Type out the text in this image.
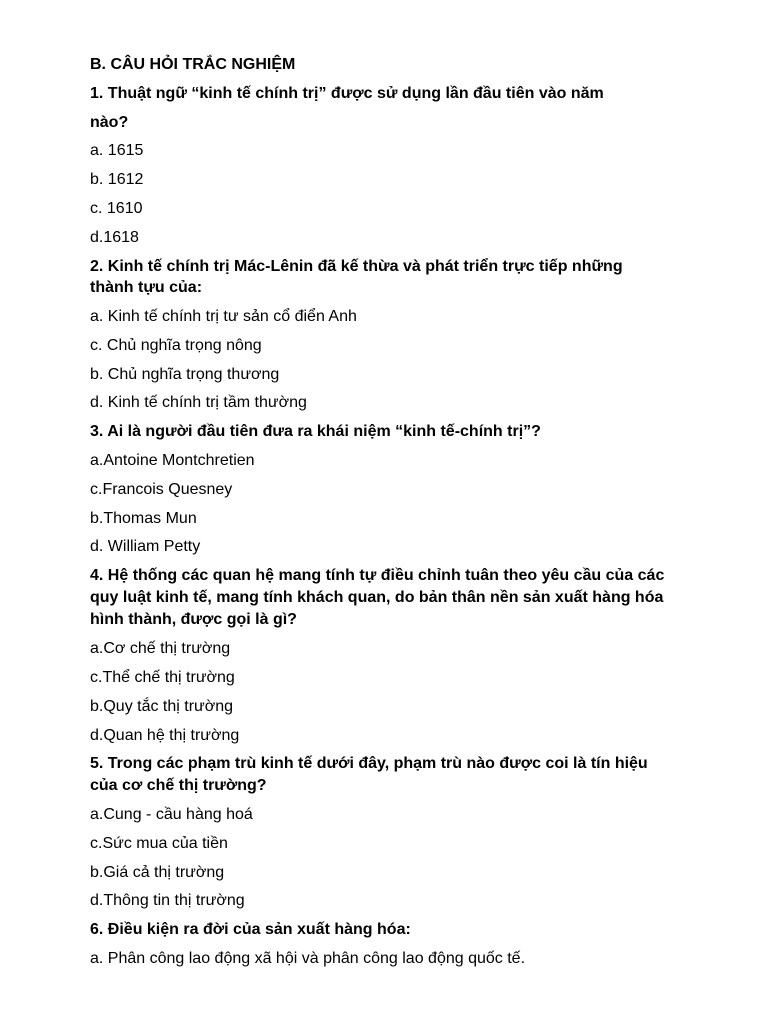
B. CÂU HỎI TRẮC NGHIỆM
1. Thuật ngữ “kinh tế chính trị” được sử dụng lần đầu tiên vào năm
nào?
a. 1615
b. 1612
c. 1610
d.1618
2. Kinh tế chính trị Mác-Lênin đã kế thừa và phát triển trực tiếp những
thành tựu của:
a. Kinh tế chính trị tư sản cổ điển Anh
c. Chủ nghĩa trọng nông
b. Chủ nghĩa trọng thương
d. Kinh tế chính trị tầm thường
3. Ai là người đầu tiên đưa ra khái niệm “kinh tế-chính trị”?
a.Antoine Montchretien
c.Francois Quesney
b.Thomas Mun
d. William Petty
4. Hệ thống các quan hệ mang tính tự điều chỉnh tuân theo yêu cầu của các
quy luật kinh tế, mang tính khách quan, do bản thân nền sản xuất hàng hóa
hình thành, được gọi là gì?
a.Cơ chế thị trường
c.Thể chế thị trường
b.Quy tắc thị trường
d.Quan hệ thị trường
5. Trong các phạm trù kinh tế dưới đây, phạm trù nào được coi là tín hiệu
của cơ chế thị trường?
a.Cung - cầu hàng hoá
c.Sức mua của tiền
b.Giá cả thị trường
d.Thông tin thị trường
6. Điều kiện ra đời của sản xuất hàng hóa:
a. Phân công lao động xã hội và phân công lao động quốc tế.
